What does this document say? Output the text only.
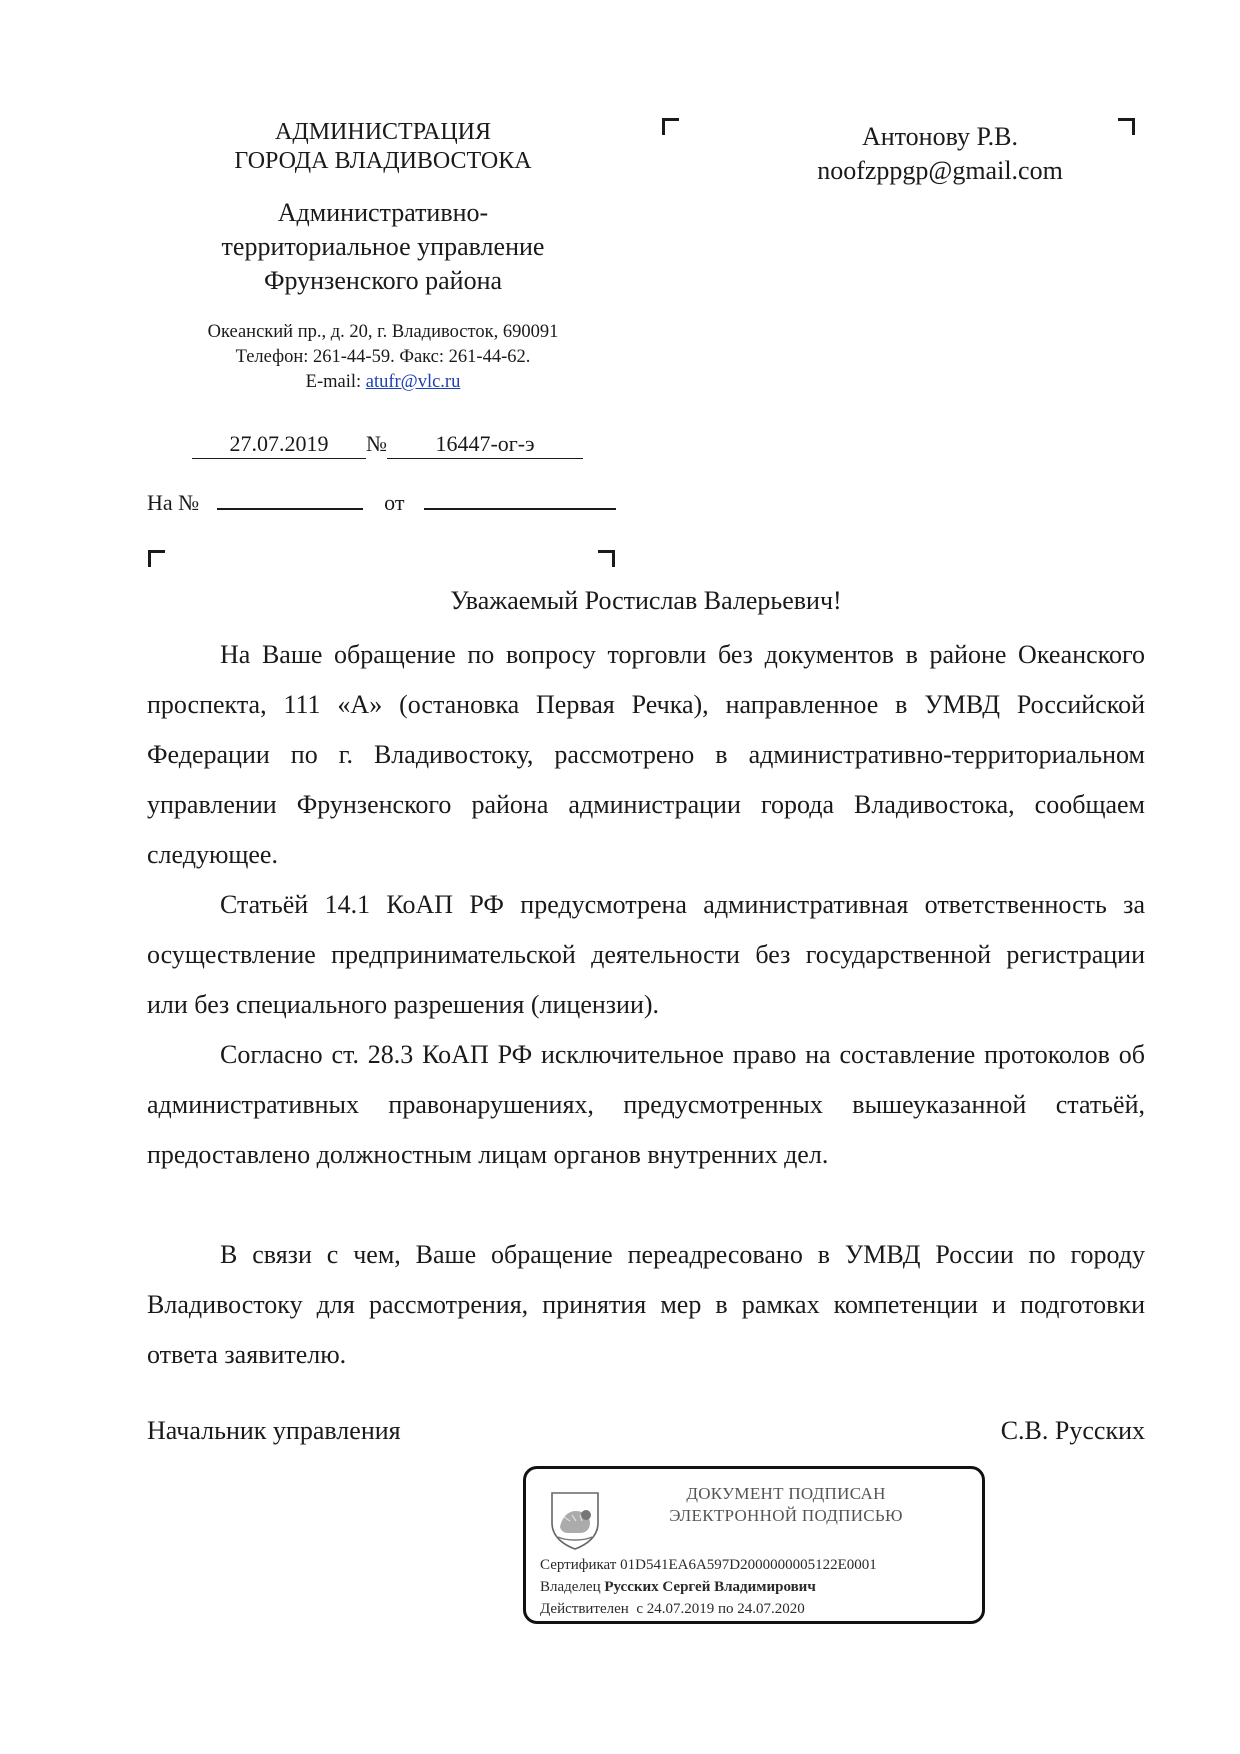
АДМИНИСТРАЦИЯ
ГОРОДА ВЛАДИВОСТОКА
Административно-
территориальное управление
Фрунзенского района
Океанский пр., д. 20, г. Владивосток, 690091
Телефон: 261-44-59. Факс: 261-44-62.
E-mail: atufr@vlc.ru
27.07.2019 № 16447-ог-э
На №	от
Антонову Р.В.
noofzppgp@gmail.com
Уважаемый Ростислав Валерьевич!

На Ваше обращение по вопросу торговли без документов в районе Океанского проспекта, 111 «А» (остановка Первая Речка), направленное в УМВД Российской Федерации по г. Владивостоку, рассмотрено в административно-территориальном управлении Фрунзенского района администрации города Владивостока, сообщаем следующее.

Статьёй 14.1 КоАП РФ предусмотрена административная ответственность за осуществление предпринимательской деятельности без государственной регистрации или без специального разрешения (лицензии).

Согласно ст. 28.3 КоАП РФ исключительное право на составление протоколов об административных правонарушениях, предусмотренных вышеуказанной статьёй, предоставлено должностным лицам органов внутренних дел.

В связи с чем, Ваше обращение переадресовано в УМВД России по городу Владивостоку для рассмотрения, принятия мер в рамках компетенции и подготовки ответа заявителю.

Начальник управления	С.В. Русских
ДОКУМЕНТ ПОДПИСАН
ЭЛЕКТРОННОЙ ПОДПИСЬЮ
Сертификат 01D541EA6A597D2000000005122E0001
Владелец Русских Сергей Владимирович
Действителен с 24.07.2019 по 24.07.2020
